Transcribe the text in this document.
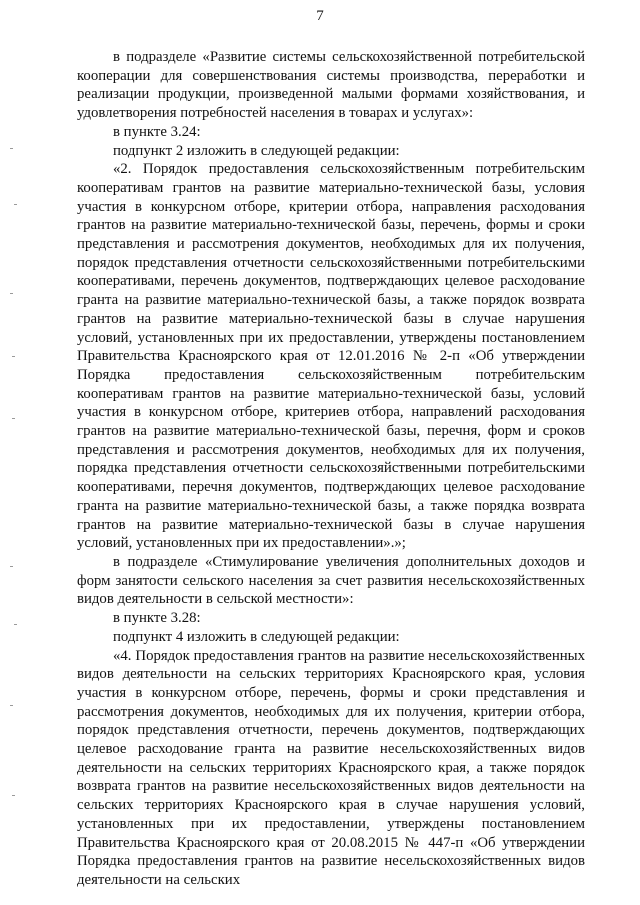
7

в подразделе «Развитие системы сельскохозяйственной потребительской кооперации для совершенствования системы производства, переработки и реализации продукции, произведенной малыми формами хозяйствования, и удовлетворения потребностей населения в товарах и услугах»:

в пункте 3.24:

подпункт 2 изложить в следующей редакции:

«2. Порядок предоставления сельскохозяйственным потребительским кооперативам грантов на развитие материально-технической базы, условия участия в конкурсном отборе, критерии отбора, направления расходования грантов на развитие материально-технической базы, перечень, формы и сроки представления и рассмотрения документов, необходимых для их получения, порядок представления отчетности сельскохозяйственными потребительскими кооперативами, перечень документов, подтверждающих целевое расходование гранта на развитие материально-технической базы, а также порядок возврата грантов на развитие материально-технической базы в случае нарушения условий, установленных при их предоставлении, утверждены постановлением Правительства Красноярского края от 12.01.2016 № 2-п «Об утверждении Порядка предоставления сельскохозяйственным потребительским кооперативам грантов на развитие материально-технической базы, условий участия в конкурсном отборе, критериев отбора, направлений расходования грантов на развитие материально-технической базы, перечня, форм и сроков представления и рассмотрения документов, необходимых для их получения, порядка представления отчетности сельскохозяйственными потребительскими кооперативами, перечня документов, подтверждающих целевое расходование гранта на развитие материально-технической базы, а также порядка возврата грантов на развитие материально-технической базы в случае нарушения условий, установленных при их предоставлении».»;

в подразделе «Стимулирование увеличения дополнительных доходов и форм занятости сельского населения за счет развития несельскохозяйственных видов деятельности в сельской местности»:

в пункте 3.28:

подпункт 4 изложить в следующей редакции:

«4. Порядок предоставления грантов на развитие несельскохозяйственных видов деятельности на сельских территориях Красноярского края, условия участия в конкурсном отборе, перечень, формы и сроки представления и рассмотрения документов, необходимых для их получения, критерии отбора, порядок представления отчетности, перечень документов, подтверждающих целевое расходование гранта на развитие несельскохозяйственных видов деятельности на сельских территориях Красноярского края, а также порядок возврата грантов на развитие несельскохозяйственных видов деятельности на сельских территориях Красноярского края в случае нарушения условий, установленных при их предоставлении, утверждены постановлением Правительства Красноярского края от 20.08.2015 № 447-п «Об утверждении Порядка предоставления грантов на развитие несельскохозяйственных видов деятельности на сельских
